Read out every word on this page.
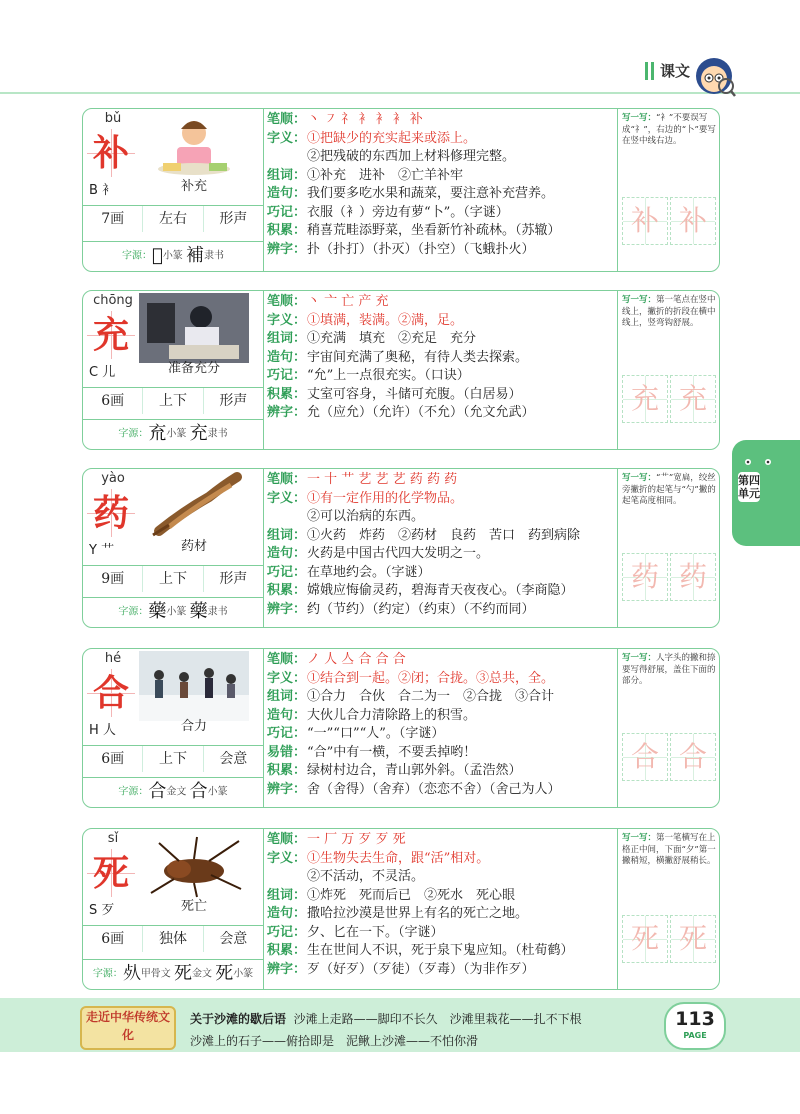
课文
bǔ
补
补充
B 衤
7画	左右	形声
字源：𥙸小篆 補隶书
笔顺：丶 ㇇ 礻 衤 衤 衤 补
字义：①把缺少的充实起来或添上。
②把残破的东西加上材料修理完整。
组词：①补充　进补　②亡羊补牢
造句：我们要多吃水果和蔬菜，要注意补充营养。
巧记：衣服（衤）旁边有萝“卜”。（字谜）
积累：稍喜荒畦添野菜，坐看新竹补疏林。（苏辙）
辨字：扑（扑打）（扑灭）（扑空）（飞蛾扑火）
写一写：“衤”不要误写成“礻”，右边的“卜”要写在竖中线右边。
补 补
chōng
充
准备充分
C 儿
6画	上下	形声
字源：㐬小篆 充隶书
笔顺：丶 亠 亡 产 充
字义：①填满，装满。②满，足。
组词：①充满　填充　②充足　充分
造句：宇宙间充满了奥秘，有待人类去探索。
巧记：“允”上一点很充实。（口诀）
积累：丈室可容身，斗储可充腹。（白居易）
辨字：允（应允）（允许）（不允）（允文允武）
写一写：第一笔点在竖中线上，撇折的折段在横中线上，竖弯钩舒展。
充 充
yào
药
药材
Y 艹
9画	上下	形声
字源：藥小篆 藥隶书
笔顺：一 十 艹 艺 艺 艺 药 药 药
字义：①有一定作用的化学物品。
②可以治病的东西。
组词：①火药　炸药　②药材　良药　苦口　药到病除
造句：火药是中国古代四大发明之一。
巧记：在草地约会。（字谜）
积累：嫦娥应悔偷灵药，碧海青天夜夜心。（李商隐）
辨字：约（节约）（约定）（约束）（不约而同）
写一写：“艹”宽扁，绞丝旁撇折的起笔与“勺”撇的起笔高度相同。
药 药
hé
合
合力
H 人
6画	上下	会意
字源：合金文 合小篆
笔顺：ノ 人 亼 合 合 合
字义：①结合到一起。②闭；合拢。③总共，全。
组词：①合力　合伙　合二为一　②合拢　③合计
造句：大伙儿合力清除路上的积雪。
巧记：“一”“口”“人”。（字谜）
易错：“合”中有一横，不要丢掉哟！
积累：绿树村边合，青山郭外斜。（孟浩然）
辨字：舍（舍得）（舍弃）（恋恋不舍）（舍己为人）
写一写：人字头的撇和捺要写得舒展，盖住下面的部分。
合 合
sǐ
死
死亡
S 歹
6画	独体	会意
字源：𣦸甲骨文 死金文 死小篆
笔顺：一 厂 万 歹 歹 死
字义：①生物失去生命，跟“活”相对。
②不活动，不灵活。
组词：①炸死　死而后已　②死水　死心眼
造句：撒哈拉沙漠是世界上有名的死亡之地。
巧记：夕、匕在一下。（字谜）
积累：生在世间人不识，死于泉下鬼应知。（杜荀鹤）
辨字：歹（好歹）（歹徒）（歹毒）（为非作歹）
写一写：第一笔横写在上格正中间，下面“夕”第一撇稍短，横撇舒展稍长。
死 死
第四单元
走近中华传统文化
关于沙滩的歇后语 沙滩上走路——脚印不长久　沙滩里栽花——扎不下根
沙滩上的石子——俯拾即是　泥鳅上沙滩——不怕你滑
113
PAGE
